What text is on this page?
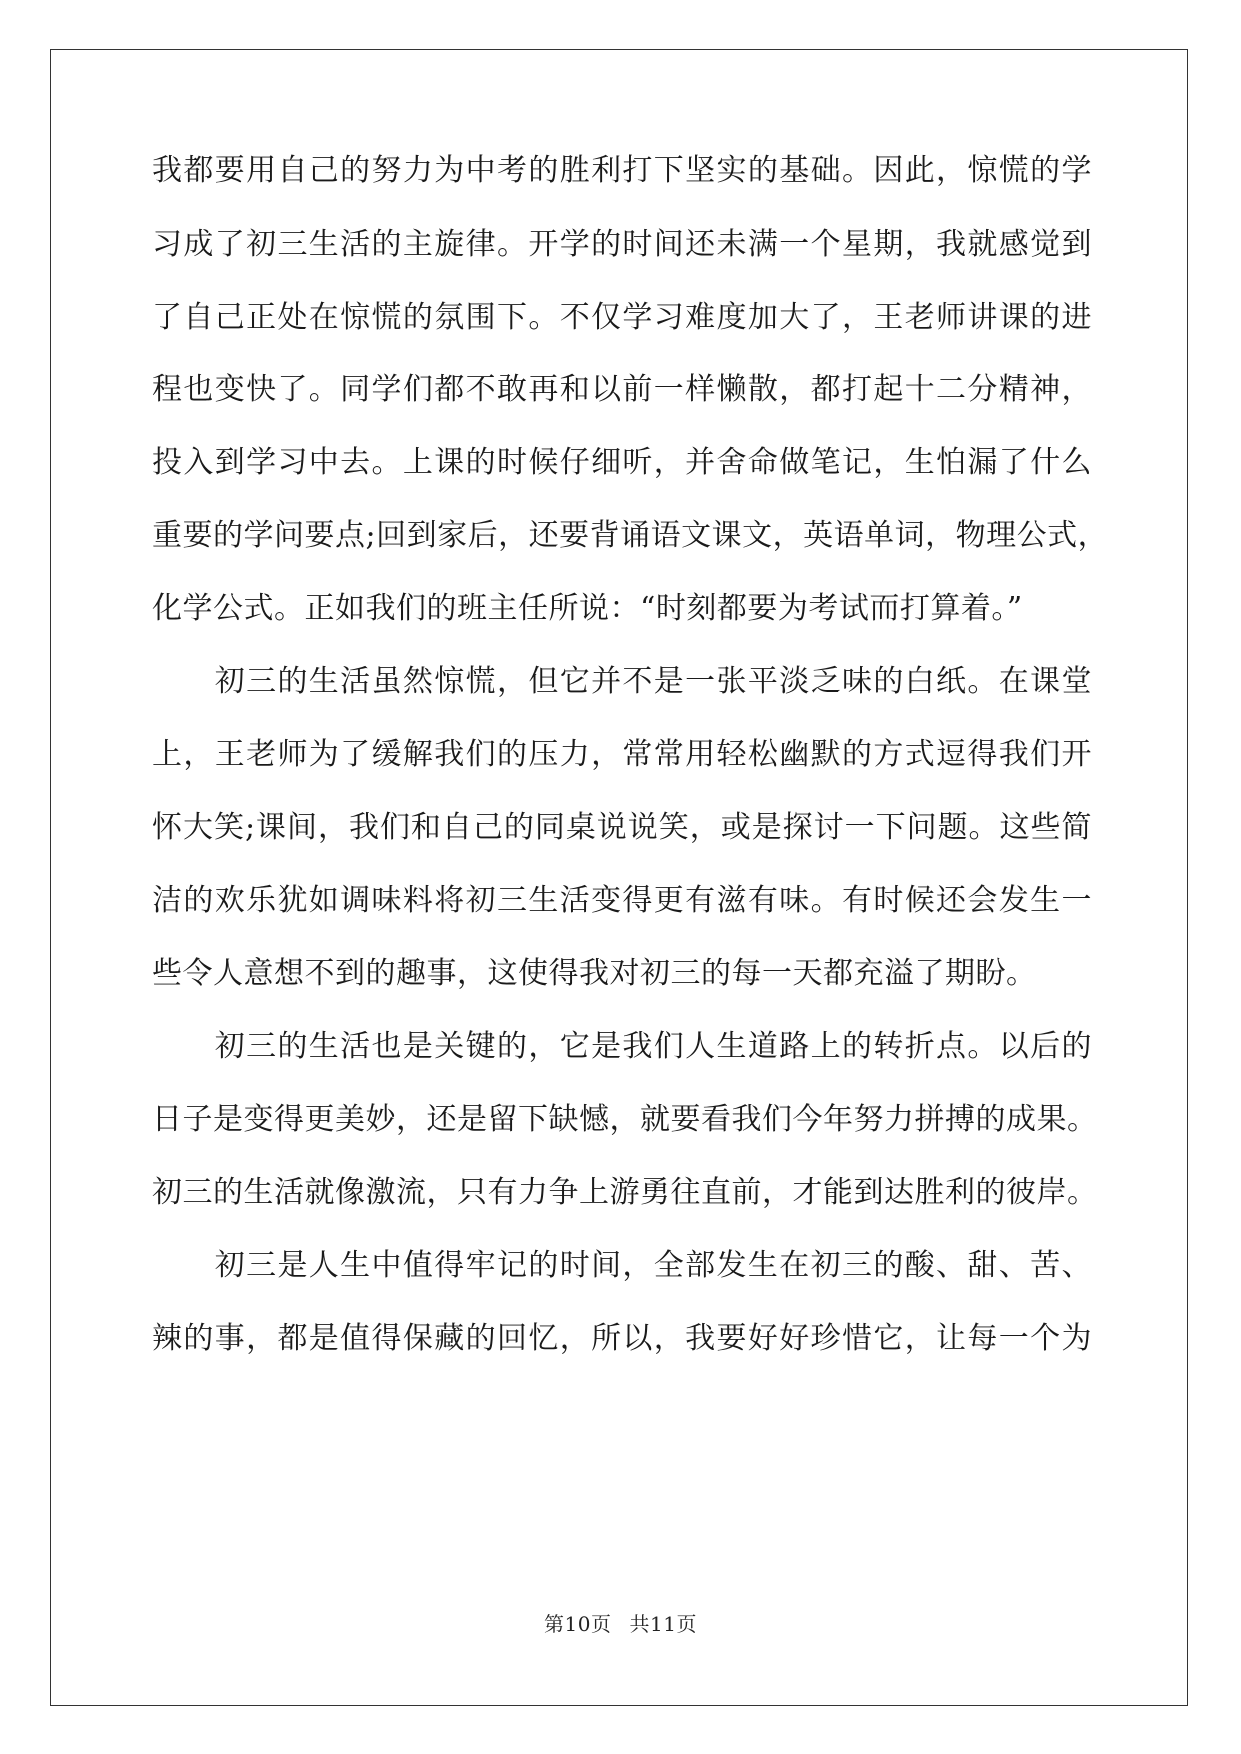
我都要用自己的努力为中考的胜利打下坚实的基础。因此，惊慌的学
习成了初三生活的主旋律。开学的时间还未满一个星期，我就感觉到
了自己正处在惊慌的氛围下。不仅学习难度加大了，王老师讲课的进
程也变快了。同学们都不敢再和以前一样懒散，都打起十二分精神，
投入到学习中去。上课的时候仔细听，并舍命做笔记，生怕漏了什么
重要的学问要点;回到家后，还要背诵语文课文，英语单词，物理公式，
化学公式。正如我们的班主任所说：“时刻都要为考试而打算着。”
　　初三的生活虽然惊慌，但它并不是一张平淡乏味的白纸。在课堂
上，王老师为了缓解我们的压力，常常用轻松幽默的方式逗得我们开
怀大笑;课间，我们和自己的同桌说说笑，或是探讨一下问题。这些简
洁的欢乐犹如调味料将初三生活变得更有滋有味。有时候还会发生一
些令人意想不到的趣事，这使得我对初三的每一天都充溢了期盼。
　　初三的生活也是关键的，它是我们人生道路上的转折点。以后的
日子是变得更美妙，还是留下缺憾，就要看我们今年努力拼搏的成果。
初三的生活就像激流，只有力争上游勇往直前，才能到达胜利的彼岸。
　　初三是人生中值得牢记的时间，全部发生在初三的酸、甜、苦、
辣的事，都是值得保藏的回忆，所以，我要好好珍惜它，让每一个为
第10页 共11页
